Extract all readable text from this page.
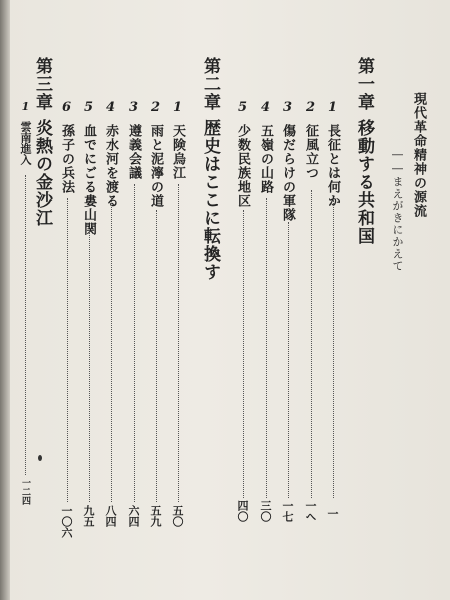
現代革命精神の源流
――まえがきにかえて
第一章移動する共和国
1長征とは何か
一
2征風立つ
一ヘ
3傷だらけの軍隊
一七
4五嶺の山路
三〇
5少数民族地区
四〇
第二章歴史はここに転換す
1天険烏江
五〇
2雨と泥濘の道
五九
3遵義会議
六四
4赤水河を渡る
八四
5血でにごる婁山関
九五
6孫子の兵法
一〇六
第三章炎熱の金沙江
1雲南進入
一二四
